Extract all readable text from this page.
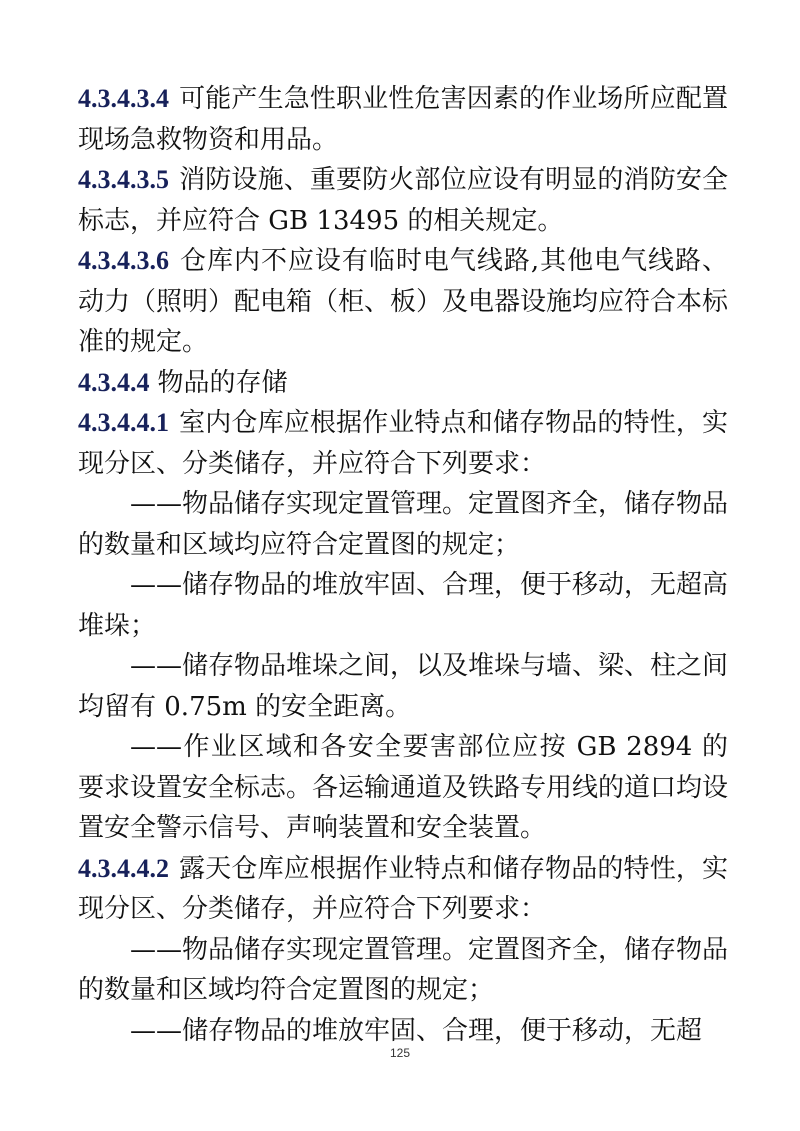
4.3.4.3.4 可能产生急性职业性危害因素的作业场所应配置现场急救物资和用品。

4.3.4.3.5 消防设施、重要防火部位应设有明显的消防安全标志，并应符合 GB 13495 的相关规定。

4.3.4.3.6 仓库内不应设有临时电气线路,其他电气线路、动力（照明）配电箱（柜、板）及电器设施均应符合本标准的规定。

4.3.4.4 物品的存储

4.3.4.4.1 室内仓库应根据作业特点和储存物品的特性，实现分区、分类储存，并应符合下列要求：

——物品储存实现定置管理。定置图齐全，储存物品的数量和区域均应符合定置图的规定；

——储存物品的堆放牢固、合理，便于移动，无超高堆垛；

——储存物品堆垛之间，以及堆垛与墙、梁、柱之间均留有 0.75m 的安全距离。

——作业区域和各安全要害部位应按 GB 2894 的要求设置安全标志。各运输通道及铁路专用线的道口均设置安全警示信号、声响装置和安全装置。

4.3.4.4.2 露天仓库应根据作业特点和储存物品的特性，实现分区、分类储存，并应符合下列要求：

——物品储存实现定置管理。定置图齐全，储存物品的数量和区域均符合定置图的规定；

——储存物品的堆放牢固、合理，便于移动，无超

125
